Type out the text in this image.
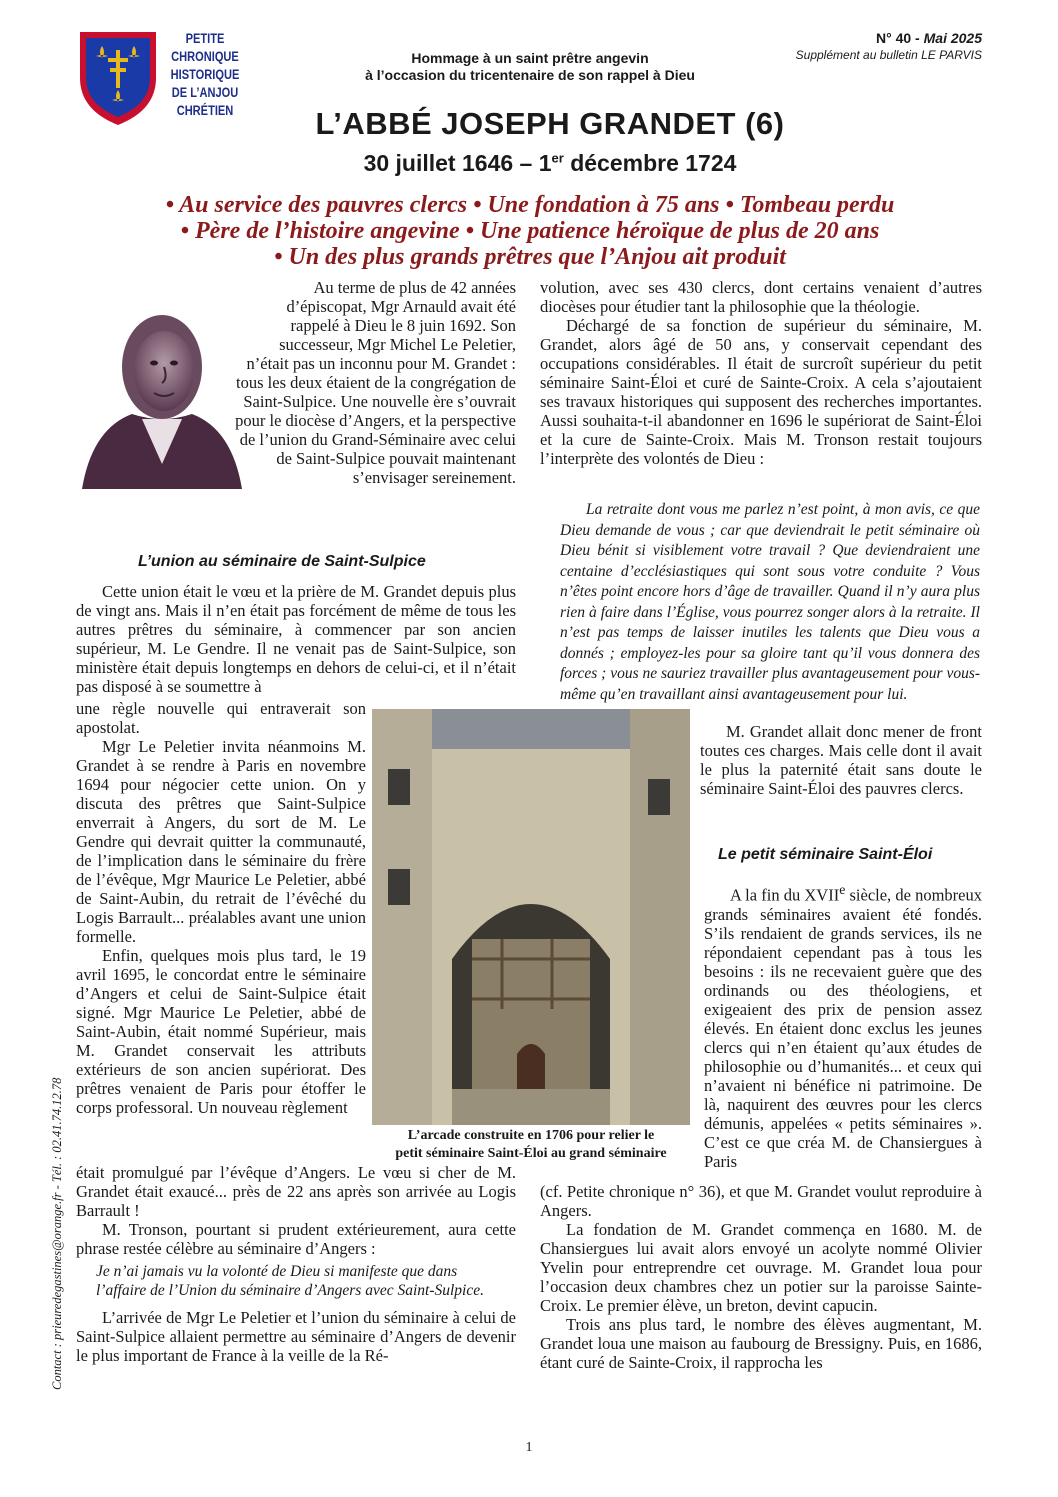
PETITE
CHRONIQUE
HISTORIQUE
DE L’ANJOU
CHRÉTIEN
N° 40 - Mai 2025
Supplément au bulletin LE PARVIS
Hommage à un saint prêtre angevin
à l’occasion du tricentenaire de son rappel à Dieu
L’ABBÉ JOSEPH GRANDET (6)
30 juillet 1646 – 1er décembre 1724
• Au service des pauvres clercs • Une fondation à 75 ans • Tombeau perdu
• Père de l’histoire angevine • Une patience héroïque de plus de 20 ans
• Un des plus grands prêtres que l’Anjou ait produit

Au terme de plus de 42 années d’épiscopat, Mgr Arnauld avait été rappelé à Dieu le 8 juin 1692. Son successeur, Mgr Michel Le Peletier, n’était pas un inconnu pour M. Grandet : tous les deux étaient de la congrégation de Saint-Sulpice. Une nouvelle ère s’ouvrait pour le diocèse d’Angers, et la perspective de l’union du Grand-Séminaire avec celui de Saint-Sulpice pouvait maintenant s’envisager sereinement.

L’union au séminaire de Saint-Sulpice

Cette union était le vœu et la prière de M. Grandet depuis plus de vingt ans. Mais il n’en était pas forcément de même de tous les autres prêtres du séminaire, à commencer par son ancien supérieur, M. Le Gendre. Il ne venait pas de Saint-Sulpice, son ministère était depuis longtemps en dehors de celui-ci, et il n’était pas disposé à se soumettre à

une règle nouvelle qui entraverait son apostolat.

Mgr Le Peletier invita néanmoins M. Grandet à se rendre à Paris en novembre 1694 pour négocier cette union. On y discuta des prêtres que Saint-Sulpice enverrait à Angers, du sort de M. Le Gendre qui devrait quitter la communauté, de l’implication dans le séminaire du frère de l’évêque, Mgr Maurice Le Peletier, abbé de Saint-Aubin, du retrait de l’évêché du Logis Barrault... préalables avant une union formelle.

Enfin, quelques mois plus tard, le 19 avril 1695, le concordat entre le séminaire d’Angers et celui de Saint-Sulpice était signé. Mgr Maurice Le Peletier, abbé de Saint-Aubin, était nommé Supérieur, mais M. Grandet conservait les attributs extérieurs de son ancien supériorat. Des prêtres venaient de Paris pour étoffer le corps professoral. Un nouveau règlement

était promulgué par l’évêque d’Angers. Le vœu si cher de M. Grandet était exaucé... près de 22 ans après son arrivée au Logis Barrault !

M. Tronson, pourtant si prudent extérieurement, aura cette phrase restée célèbre au séminaire d’Angers :

Je n’ai jamais vu la volonté de Dieu si manifeste que dans l’affaire de l’Union du séminaire d’Angers avec Saint-Sulpice.

L’arrivée de Mgr Le Peletier et l’union du séminaire à celui de Saint-Sulpice allaient permettre au séminaire d’Angers de devenir le plus important de France à la veille de la Ré-

volution, avec ses 430 clercs, dont certains venaient d’autres diocèses pour étudier tant la philosophie que la théologie.

Déchargé de sa fonction de supérieur du séminaire, M. Grandet, alors âgé de 50 ans, y conservait cependant des occupations considérables. Il était de surcroît supérieur du petit séminaire Saint-Éloi et curé de Sainte-Croix. A cela s’ajoutaient ses travaux historiques qui supposent des recherches importantes. Aussi souhaita-t-il abandonner en 1696 le supériorat de Saint-Éloi et la cure de Sainte-Croix. Mais M. Tronson restait toujours l’interprète des volontés de Dieu :

La retraite dont vous me parlez n’est point, à mon avis, ce que Dieu demande de vous ; car que deviendrait le petit séminaire où Dieu bénit si visiblement votre travail ? Que deviendraient une centaine d’ecclésiastiques qui sont sous votre conduite ? Vous n’êtes point encore hors d’âge de travailler. Quand il n’y aura plus rien à faire dans l’Église, vous pourrez songer alors à la retraite. Il n’est pas temps de laisser inutiles les talents que Dieu vous a donnés ; employez-les pour sa gloire tant qu’il vous donnera des forces ; vous ne sauriez travailler plus avantageusement pour vous-même qu’en travaillant ainsi avantageusement pour lui.

M. Grandet allait donc mener de front toutes ces charges. Mais celle dont il avait le plus la paternité était sans doute le séminaire Saint-Éloi des pauvres clercs.

Le petit séminaire Saint-Éloi

A la fin du XVIIe siècle, de nombreux grands séminaires avaient été fondés. S’ils rendaient de grands services, ils ne répondaient cependant pas à tous les besoins : ils ne recevaient guère que des ordinands ou des théologiens, et exigeaient des prix de pension assez élevés. En étaient donc exclus les jeunes clercs qui n’en étaient qu’aux études de philosophie ou d’humanités... et ceux qui n’avaient ni bénéfice ni patrimoine. De là, naquirent des œuvres pour les clercs démunis, appelées « petits séminaires ». C’est ce que créa M. de Chansiergues à Paris

(cf. Petite chronique n° 36), et que M. Grandet voulut reproduire à Angers.

La fondation de M. Grandet commença en 1680. M. de Chansiergues lui avait alors envoyé un acolyte nommé Olivier Yvelin pour entreprendre cet ouvrage. M. Grandet loua pour l’occasion deux chambres chez un potier sur la paroisse Sainte-Croix. Le premier élève, un breton, devint capucin.

Trois ans plus tard, le nombre des élèves augmentant, M. Grandet loua une maison au faubourg de Bressigny. Puis, en 1686, étant curé de Sainte-Croix, il rapprocha les

L’arcade construite en 1706 pour relier le
petit séminaire Saint-Éloi au grand séminaire
Contact : prieuredegastines@orange.fr - Tél. : 02.41.74.12.78
1
